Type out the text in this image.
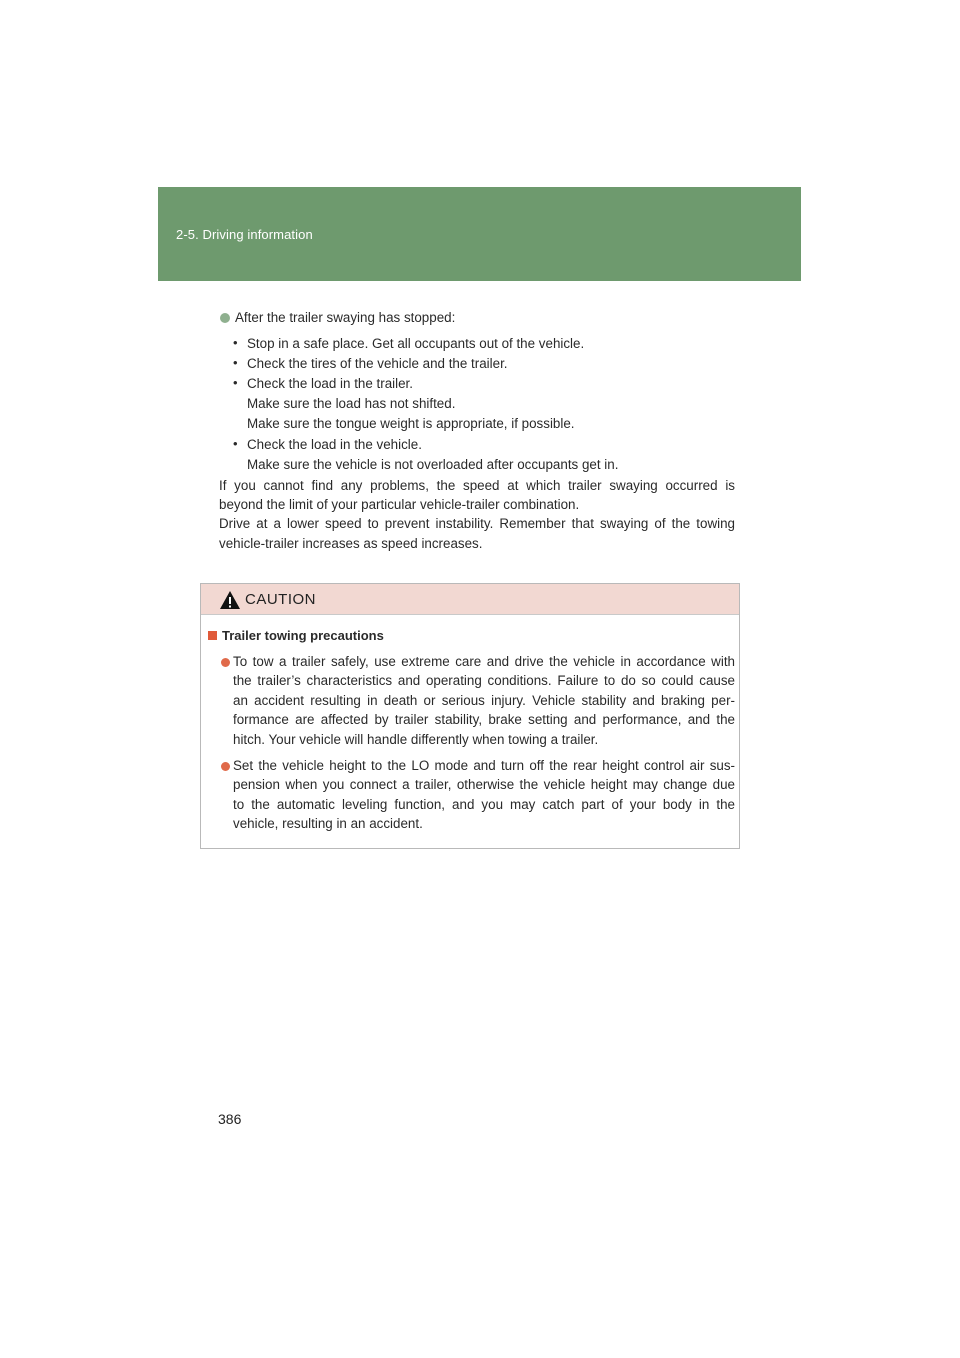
2-5. Driving information
After the trailer swaying has stopped:
• Stop in a safe place. Get all occupants out of the vehicle.
• Check the tires of the vehicle and the trailer.
• Check the load in the trailer.
Make sure the load has not shifted.
Make sure the tongue weight is appropriate, if possible.
• Check the load in the vehicle.
Make sure the vehicle is not overloaded after occupants get in.
If you cannot find any problems, the speed at which trailer swaying occurred is
beyond the limit of your particular vehicle-trailer combination.
Drive at a lower speed to prevent instability. Remember that swaying of the towing
vehicle-trailer increases as speed increases.
CAUTION
Trailer towing precautions
To tow a trailer safely, use extreme care and drive the vehicle in accordance with
the trailer’s characteristics and operating conditions. Failure to do so could cause
an accident resulting in death or serious injury. Vehicle stability and braking per-
formance are affected by trailer stability, brake setting and performance, and the
hitch. Your vehicle will handle differently when towing a trailer.
Set the vehicle height to the LO mode and turn off the rear height control air sus-
pension when you connect a trailer, otherwise the vehicle height may change due
to the automatic leveling function, and you may catch part of your body in the
vehicle, resulting in an accident.
386
